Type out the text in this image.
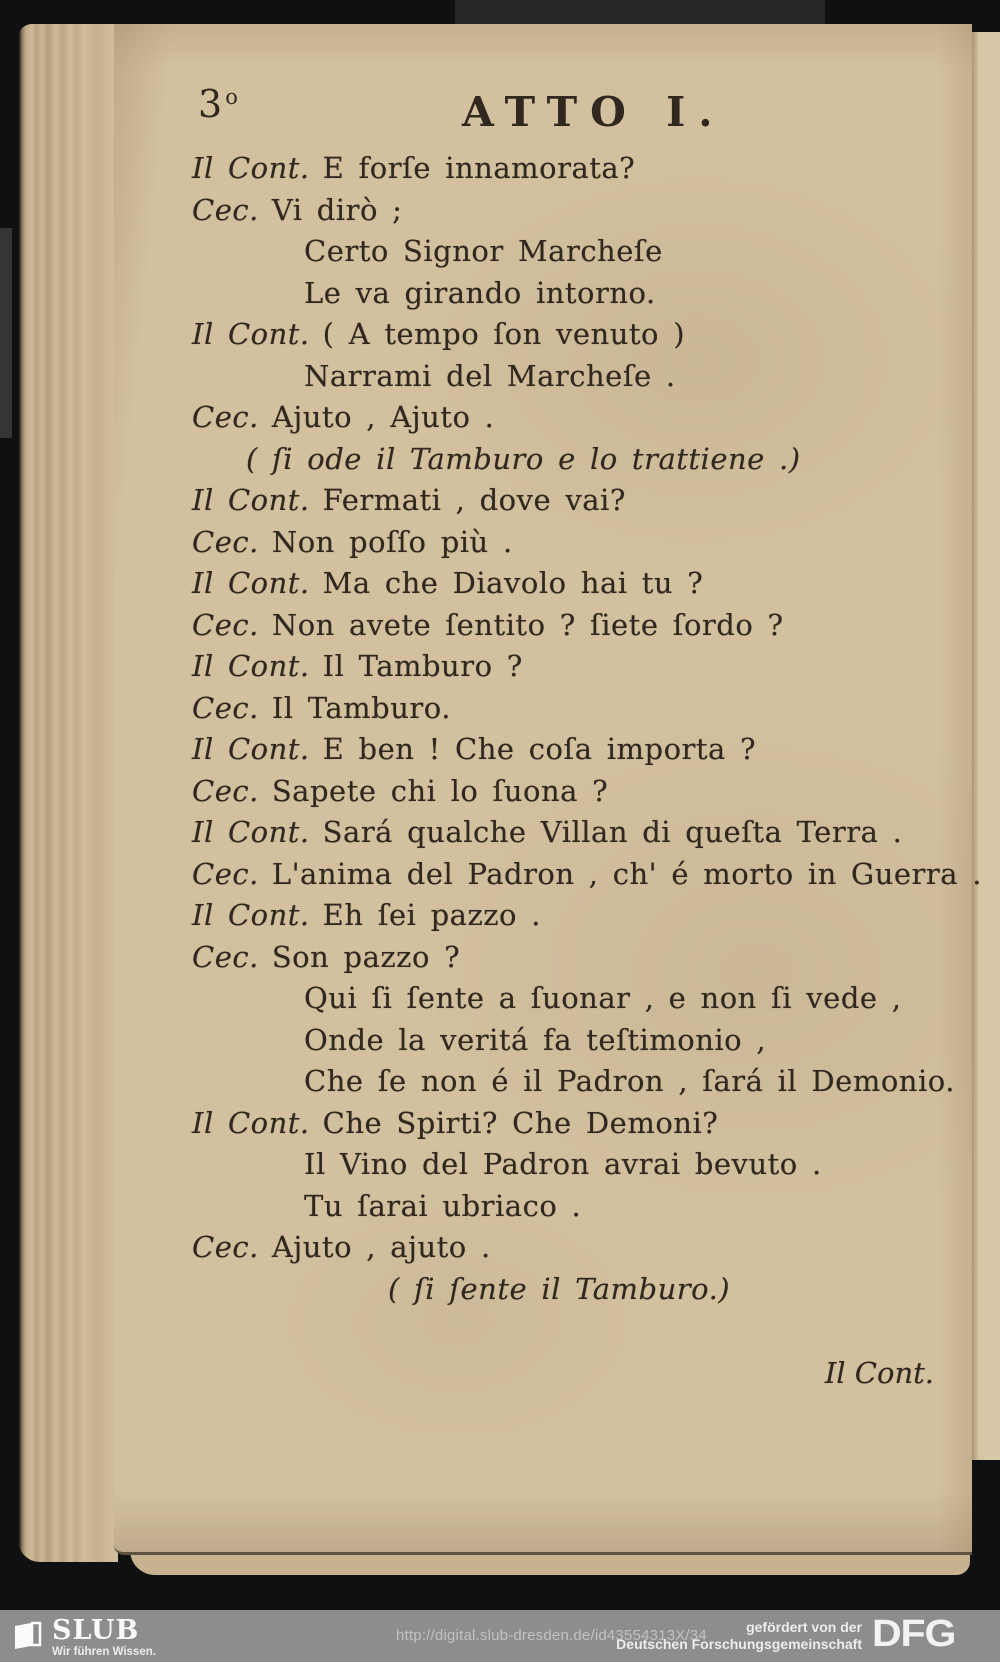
3$^o$	ATTO I.
Il Cont. E forſe innamorata?
Cec. Vi dirò ;
Certo Signor Marcheſe
Le va girando intorno.
Il Cont. ( A tempo ſon venuto )
Narrami del Marcheſe .
Cec. Ajuto , Ajuto .
( ſi ode il Tamburo e lo trattiene .)
Il Cont. Fermati , dove vai?
Cec. Non poſſo più .
Il Cont. Ma che Diavolo hai tu ?
Cec. Non avete ſentito ? ſiete ſordo ?
Il Cont. Il Tamburo ?
Cec. Il Tamburo.
Il Cont. E ben ! Che coſa importa ?
Cec. Sapete chi lo ſuona ?
Il Cont. Sará qualche Villan di queſta Terra .
Cec. L'anima del Padron , ch' é morto in Guerra .
Il Cont. Eh ſei pazzo .
Cec. Son pazzo ?
Qui ſi ſente a ſuonar , e non ſi vede ,
Onde la veritá fa teſtimonio ,
Che ſe non é il Padron , ſará il Demonio.
Il Cont. Che Spirti? Che Demoni?
Il Vino del Padron avrai bevuto .
Tu ſarai ubriaco .
Cec. Ajuto , ajuto .
( ſi ſente il Tamburo.)
Il Cont.
SLUB
Wir führen Wissen.
http://digital.slub-dresden.de/id43554313X/34	gefördert von der
Deutschen Forschungsgemeinschaft DFG
